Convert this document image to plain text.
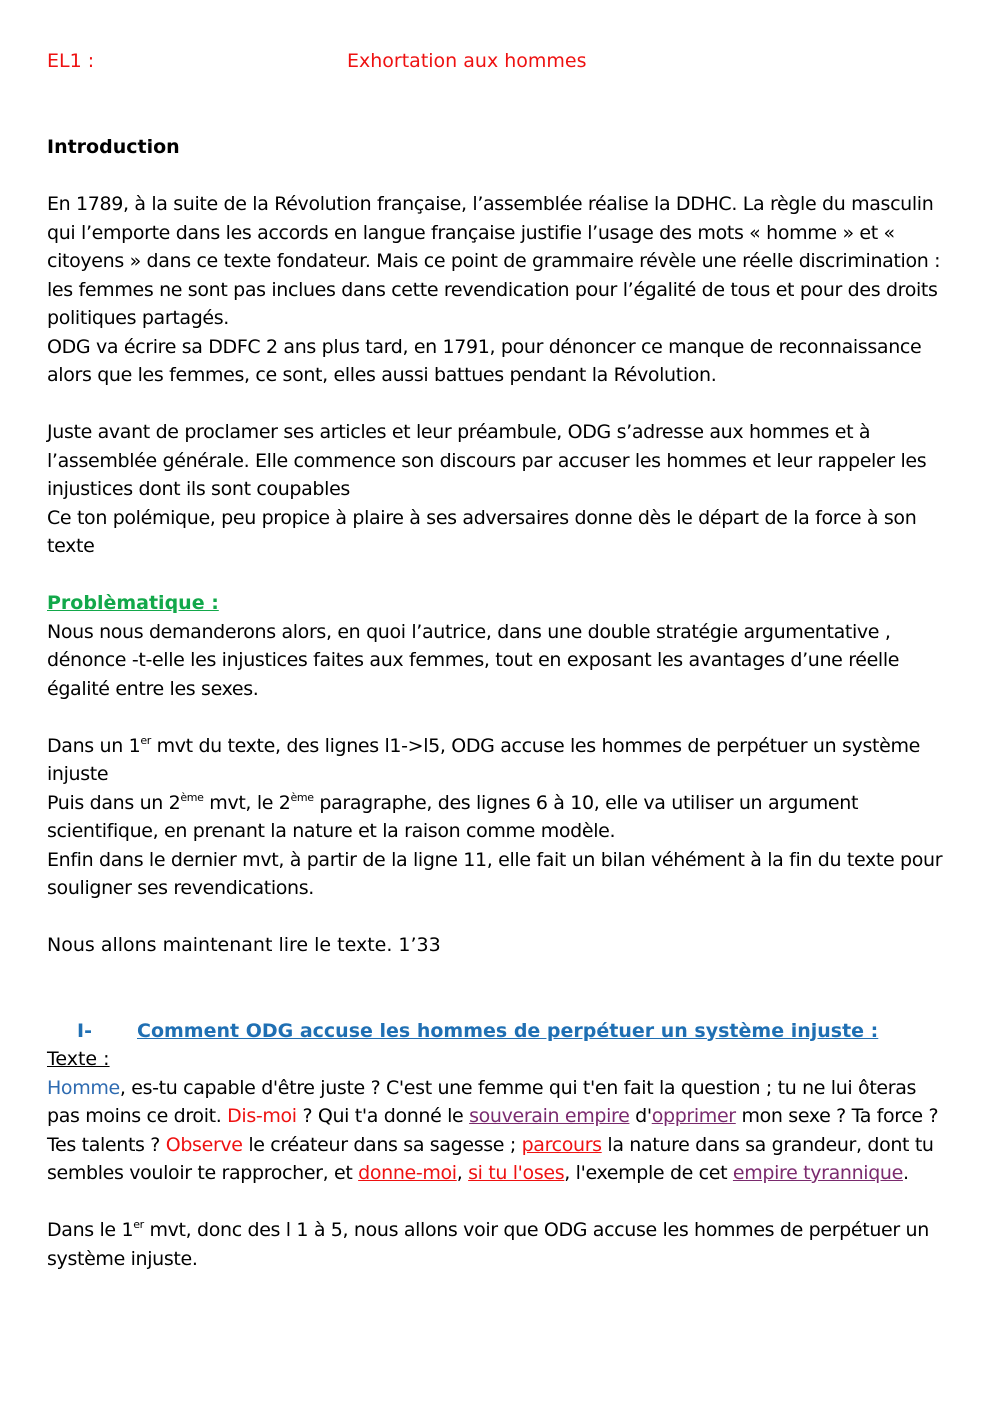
EL1 :	Exhortation aux hommes

Introduction

En 1789, à la suite de la Révolution française, l’assemblée réalise la DDHC. La règle du masculin qui l’emporte dans les accords en langue française justifie l’usage des mots « homme » et « citoyens » dans ce texte fondateur. Mais ce point de grammaire révèle une réelle discrimination : les femmes ne sont pas inclues dans cette revendication pour l’égalité de tous et pour des droits politiques partagés.

ODG va écrire sa DDFC 2 ans plus tard, en 1791, pour dénoncer ce manque de reconnaissance alors que les femmes, ce sont, elles aussi battues pendant la Révolution.

Juste avant de proclamer ses articles et leur préambule, ODG s’adresse aux hommes et à l’assemblée générale. Elle commence son discours par accuser les hommes et leur rappeler les injustices dont ils sont coupables

Ce ton polémique, peu propice à plaire à ses adversaires donne dès le départ de la force à son texte

Problèmatique :

Nous nous demanderons alors, en quoi l’autrice, dans une double stratégie argumentative , dénonce -t-elle les injustices faites aux femmes, tout en exposant les avantages d’une réelle égalité entre les sexes.

Dans un 1er mvt du texte, des lignes l1->l5, ODG accuse les hommes de perpétuer un système injuste

Puis dans un 2ème mvt, le 2ème paragraphe, des lignes 6 à 10, elle va utiliser un argument scientifique, en prenant la nature et la raison comme modèle.

Enfin dans le dernier mvt, à partir de la ligne 11, elle fait un bilan véhément à la fin du texte pour souligner ses revendications.

Nous allons maintenant lire le texte. 1’33

I- Comment ODG accuse les hommes de perpétuer un système injuste :

Texte :

Homme, es-tu capable d'être juste ? C'est une femme qui t'en fait la question ; tu ne lui ôteras pas moins ce droit. Dis-moi ? Qui t'a donné le souverain empire d'opprimer mon sexe ? Ta force ? Tes talents ? Observe le créateur dans sa sagesse ; parcours la nature dans sa grandeur, dont tu sembles vouloir te rapprocher, et donne-moi, si tu l'oses, l'exemple de cet empire tyrannique.

Dans le 1er mvt, donc des l 1 à 5, nous allons voir que ODG accuse les hommes de perpétuer un système injuste.
